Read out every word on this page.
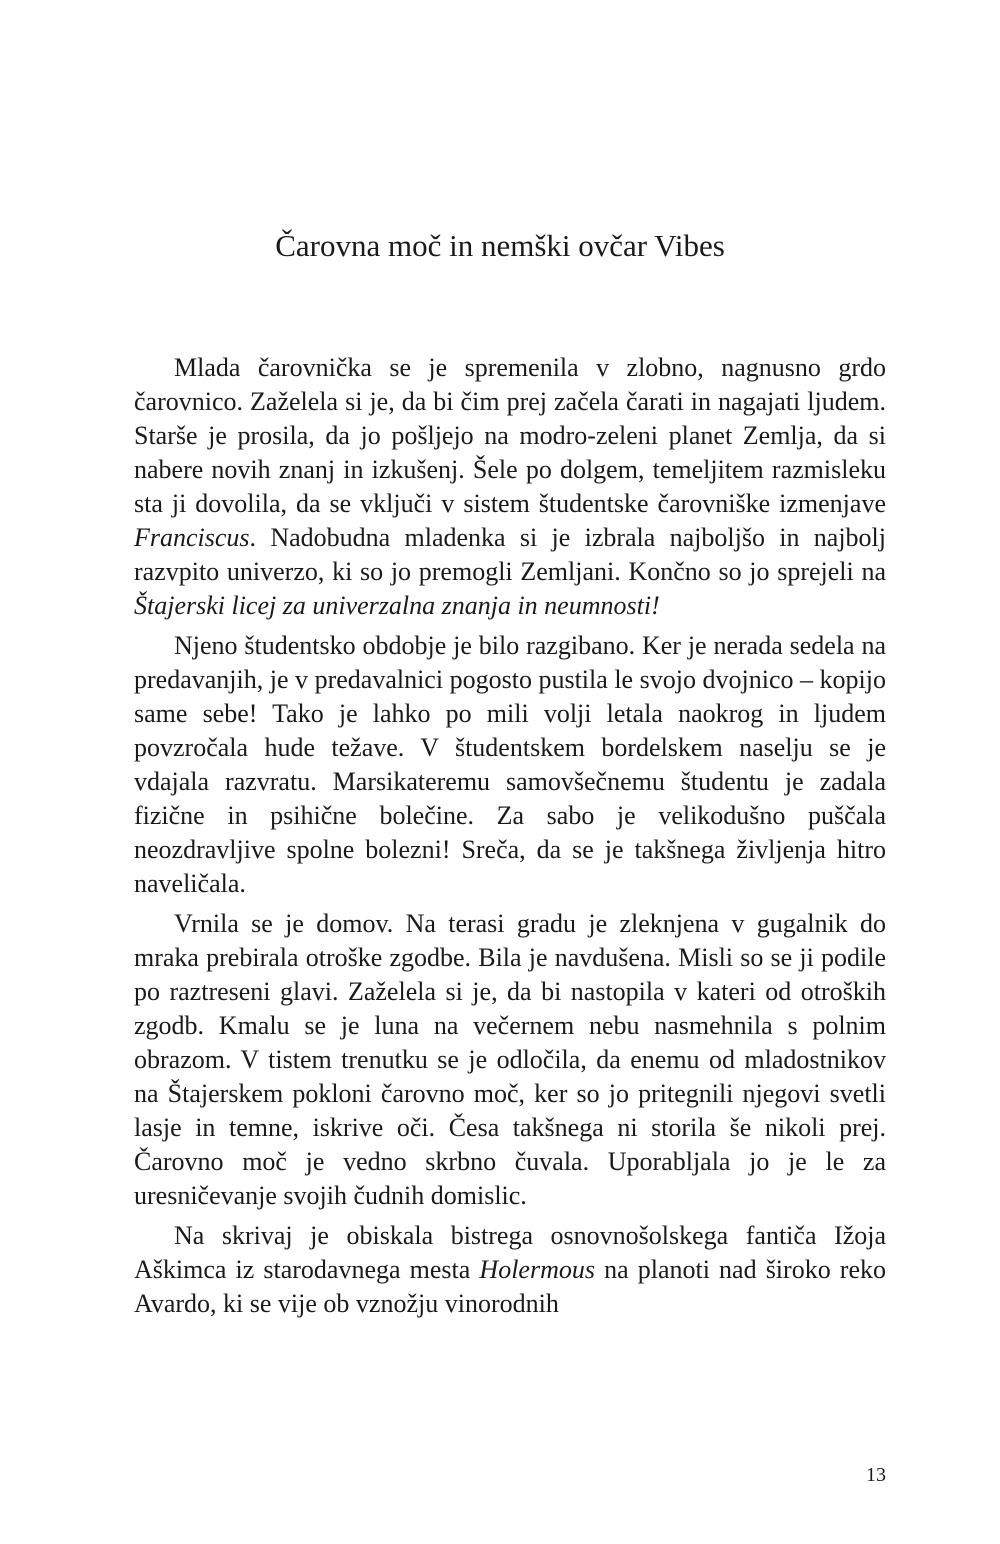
Čarovna moč in nemški ovčar Vibes

Mlada čarovnička se je spremenila v zlobno, nagnusno grdo čarovnico. Zaželela si je, da bi čim prej začela čarati in nagajati ljudem. Starše je prosila, da jo pošljejo na modro-zeleni planet Zemlja, da si nabere novih znanj in izkušenj. Šele po dolgem, temeljitem razmisleku sta ji dovolila, da se vključi v sistem študentske čarovniške izmenjave Franciscus. Nadobudna mladenka si je izbrala najboljšo in najbolj razvpito univerzo, ki so jo premogli Zemljani. Končno so jo sprejeli na Štajerski licej za univerzalna znanja in neumnosti!

Njeno študentsko obdobje je bilo razgibano. Ker je nerada sedela na predavanjih, je v predavalnici pogosto pustila le svojo dvojnico – kopijo same sebe! Tako je lahko po mili volji letala naokrog in ljudem povzročala hude težave. V študentskem bordelskem naselju se je vdajala razvratu. Marsikateremu samovšečnemu študentu je zadala fizične in psihične bolečine. Za sabo je velikodušno puščala neozdravljive spolne bolezni! Sreča, da se je takšnega življenja hitro naveličala.

Vrnila se je domov. Na terasi gradu je zleknjena v gugalnik do mraka prebirala otroške zgodbe. Bila je navdušena. Misli so se ji podile po raztreseni glavi. Zaželela si je, da bi nastopila v kateri od otroških zgodb. Kmalu se je luna na večernem nebu nasmehnila s polnim obrazom. V tistem trenutku se je odločila, da enemu od mladostnikov na Štajerskem pokloni čarovno moč, ker so jo pritegnili njegovi svetli lasje in temne, iskrive oči. Česa takšnega ni storila še nikoli prej. Čarovno moč je vedno skrbno čuvala. Uporabljala jo je le za uresničevanje svojih čudnih domislic.

Na skrivaj je obiskala bistrega osnovnošolskega fantiča Ižoja Aškimca iz starodavnega mesta Holermous na planoti nad široko reko Avardo, ki se vije ob vznožju vinorodnih

13
